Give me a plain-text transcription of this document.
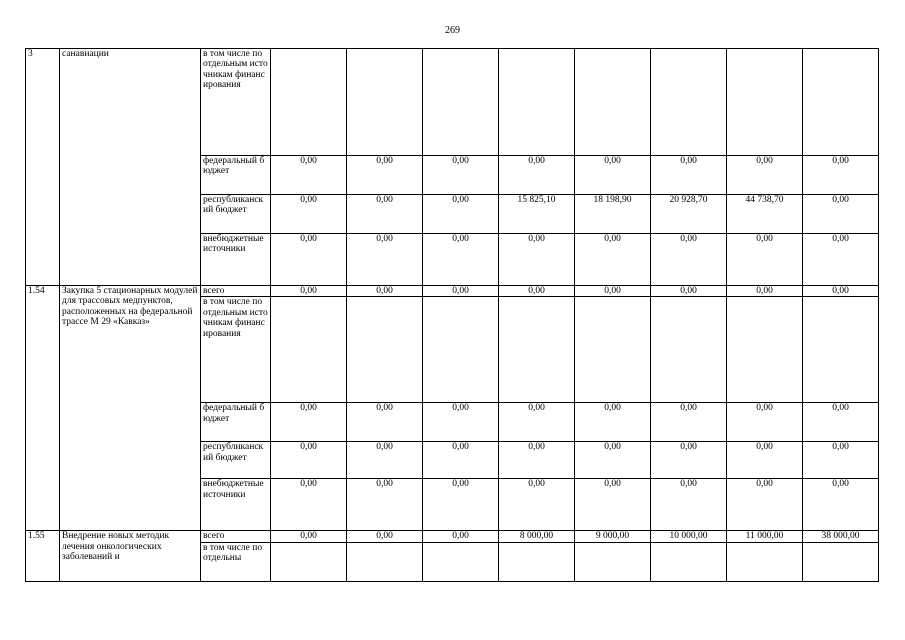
269
3	санавиации	в том числе по отдельным источникам финансирования								
		федеральный бюджет	0,00	0,00	0,00	0,00	0,00	0,00	0,00	0,00
		республиканский бюджет	0,00	0,00	0,00	15 825,10	18 198,90	20 928,70	44 738,70	0,00
		внебюджетные источники	0,00	0,00	0,00	0,00	0,00	0,00	0,00	0,00
1.54	Закупка 5 стационарных модулей для трассовых медпунктов, расположенных на федеральной трассе М 29 «Кавказ»	всего	0,00	0,00	0,00	0,00	0,00	0,00	0,00	0,00
		в том числе по отдельным источникам финансирования								
		федеральный бюджет	0,00	0,00	0,00	0,00	0,00	0,00	0,00	0,00
		республиканский бюджет	0,00	0,00	0,00	0,00	0,00	0,00	0,00	0,00
		внебюджетные источники	0,00	0,00	0,00	0,00	0,00	0,00	0,00	0,00
1.55	Внедрение новых методик лечения онкологических заболеваний и	всего	0,00	0,00	0,00	8 000,00	9 000,00	10 000,00	11 000,00	38 000,00
		в том числе по отдельны								
